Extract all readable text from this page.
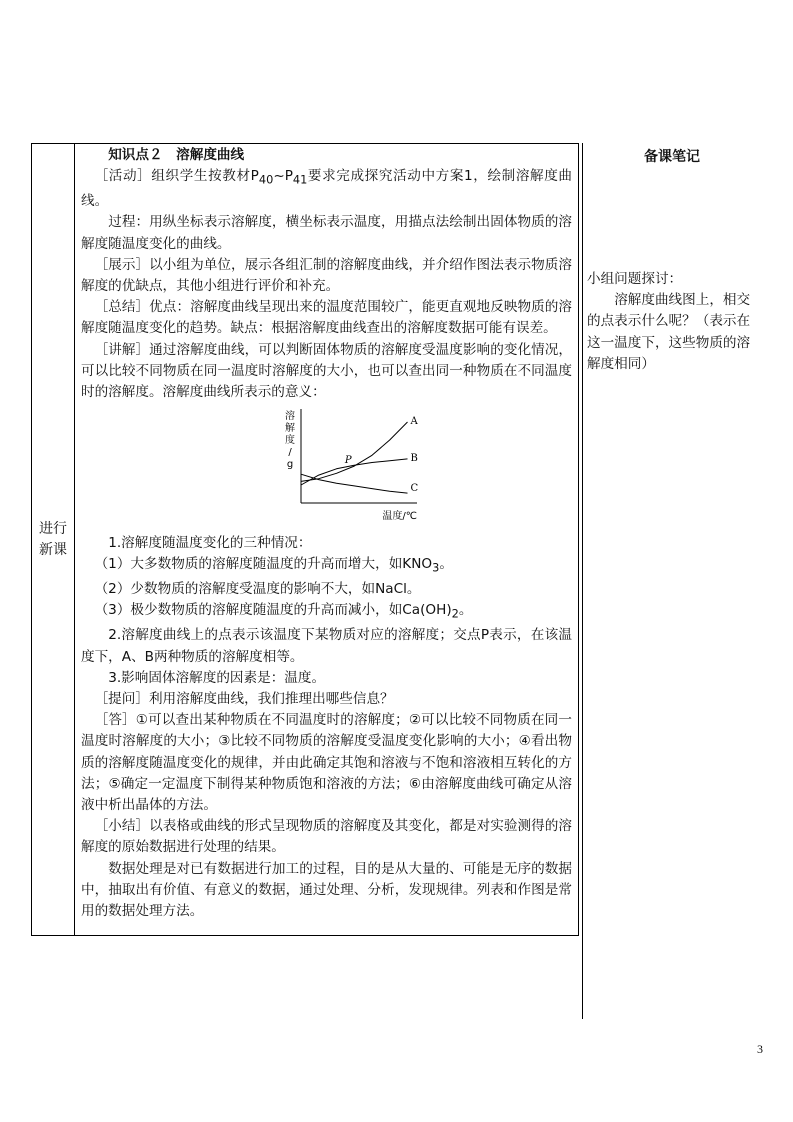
进行新课

知识点２　溶解度曲线

［活动］组织学生按教材$P_{40}\sim P_{41}$要求完成探究活动中方案1，绘制溶解度曲线。

过程：用纵坐标表示溶解度，横坐标表示温度，用描点法绘制出固体物质的溶解度随温度变化的曲线。

［展示］以小组为单位，展示各组汇制的溶解度曲线，并介绍作图法表示物质溶解度的优缺点，其他小组进行评价和补充。

［总结］优点：溶解度曲线呈现出来的温度范围较广，能更直观地反映物质的溶解度随温度变化的趋势。缺点：根据溶解度曲线查出的溶解度数据可能有误差。

［讲解］通过溶解度曲线，可以判断固体物质的溶解度受温度影响的变化情况，可以比较不同物质在同一温度时溶解度的大小，也可以查出同一种物质在不同温度时的溶解度。溶解度曲线所表示的意义：

溶解度/ g
温度/℃
A
B
C
P

1.溶解度随温度变化的三种情况：

（1）大多数物质的溶解度随温度的升高而增大，如$KNO_3$。

（2）少数物质的溶解度受温度的影响不大，如NaCl。

（3）极少数物质的溶解度随温度的升高而减小，如$Ca(OH)_2$。

2.溶解度曲线上的点表示该温度下某物质对应的溶解度；交点P表示，在该温度下，A、B两种物质的溶解度相等。

3.影响固体溶解度的因素是：温度。

［提问］利用溶解度曲线，我们推理出哪些信息？

［答］①可以查出某种物质在不同温度时的溶解度；②可以比较不同物质在同一温度时溶解度的大小；③比较不同物质的溶解度受温度变化影响的大小；④看出物质的溶解度随温度变化的规律，并由此确定其饱和溶液与不饱和溶液相互转化的方法；⑤确定一定温度下制得某种物质饱和溶液的方法；⑥由溶解度曲线可确定从溶液中析出晶体的方法。

［小结］以表格或曲线的形式呈现物质的溶解度及其变化，都是对实验测得的溶解度的原始数据进行处理的结果。

数据处理是对已有数据进行加工的过程，目的是从大量的、可能是无序的数据中，抽取出有价值、有意义的数据，通过处理、分析，发现规律。列表和作图是常用的数据处理方法。

备课笔记

小组问题探讨：

溶解度曲线图上，相交的点表示什么呢？（表示在这一温度下，这些物质的溶解度相同）

3
